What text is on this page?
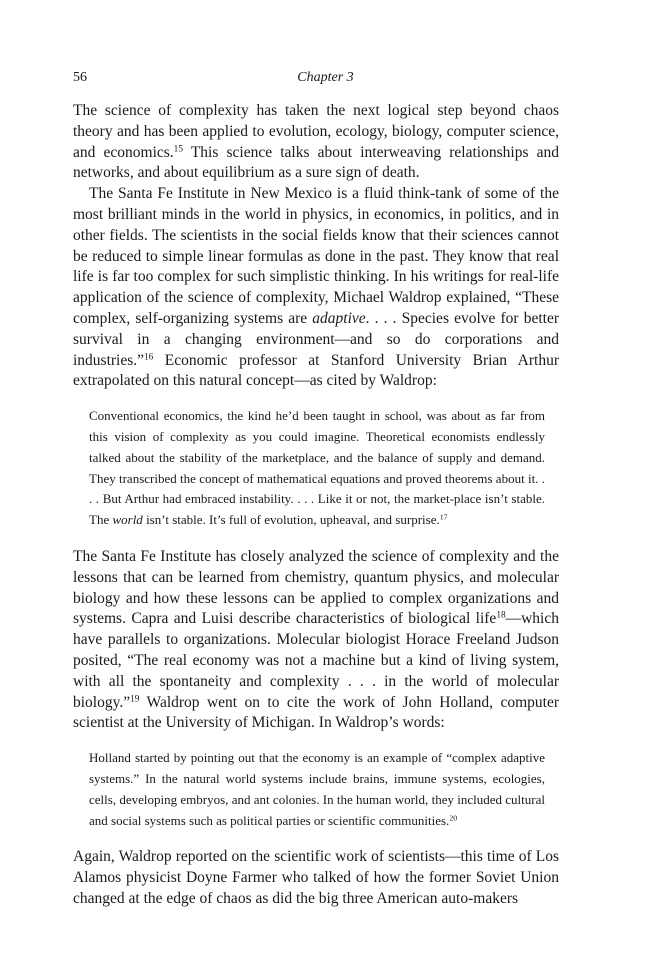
56	Chapter 3

The science of complexity has taken the next logical step beyond chaos theory and has been applied to evolution, ecology, biology, computer science, and economics.$^{15}$ This science talks about interweaving relationships and networks, and about equilibrium as a sure sign of death.

The Santa Fe Institute in New Mexico is a fluid think-tank of some of the most brilliant minds in the world in physics, in economics, in politics, and in other fields. The scientists in the social fields know that their sciences cannot be reduced to simple linear formulas as done in the past. They know that real life is far too complex for such simplistic thinking. In his writings for real-life application of the science of complexity, Michael Waldrop explained, “These complex, self-organizing systems are adaptive. . . . Species evolve for better survival in a changing environment—and so do corporations and industries.”$^{16}$ Economic professor at Stanford University Brian Arthur extrapolated on this natural concept—as cited by Waldrop:

Conventional economics, the kind he’d been taught in school, was about as far from this vision of complexity as you could imagine. Theoretical economists endlessly talked about the stability of the marketplace, and the balance of supply and demand. They transcribed the concept of mathematical equations and proved theorems about it. . . . But Arthur had embraced instability. . . . Like it or not, the market-place isn’t stable. The world isn’t stable. It’s full of evolution, upheaval, and surprise.$^{17}$

The Santa Fe Institute has closely analyzed the science of complexity and the lessons that can be learned from chemistry, quantum physics, and molecular biology and how these lessons can be applied to complex organizations and systems. Capra and Luisi describe characteristics of biological life$^{18}$—which have parallels to organizations. Molecular biologist Horace Freeland Judson posited, “The real economy was not a machine but a kind of living system, with all the spontaneity and complexity . . . in the world of molecular biology.”$^{19}$ Waldrop went on to cite the work of John Holland, computer scientist at the University of Michigan. In Waldrop’s words:

Holland started by pointing out that the economy is an example of “complex adaptive systems.” In the natural world systems include brains, immune systems, ecologies, cells, developing embryos, and ant colonies. In the human world, they included cultural and social systems such as political parties or scientific communities.$^{20}$

Again, Waldrop reported on the scientific work of scientists—this time of Los Alamos physicist Doyne Farmer who talked of how the former Soviet Union changed at the edge of chaos as did the big three American auto-makers
